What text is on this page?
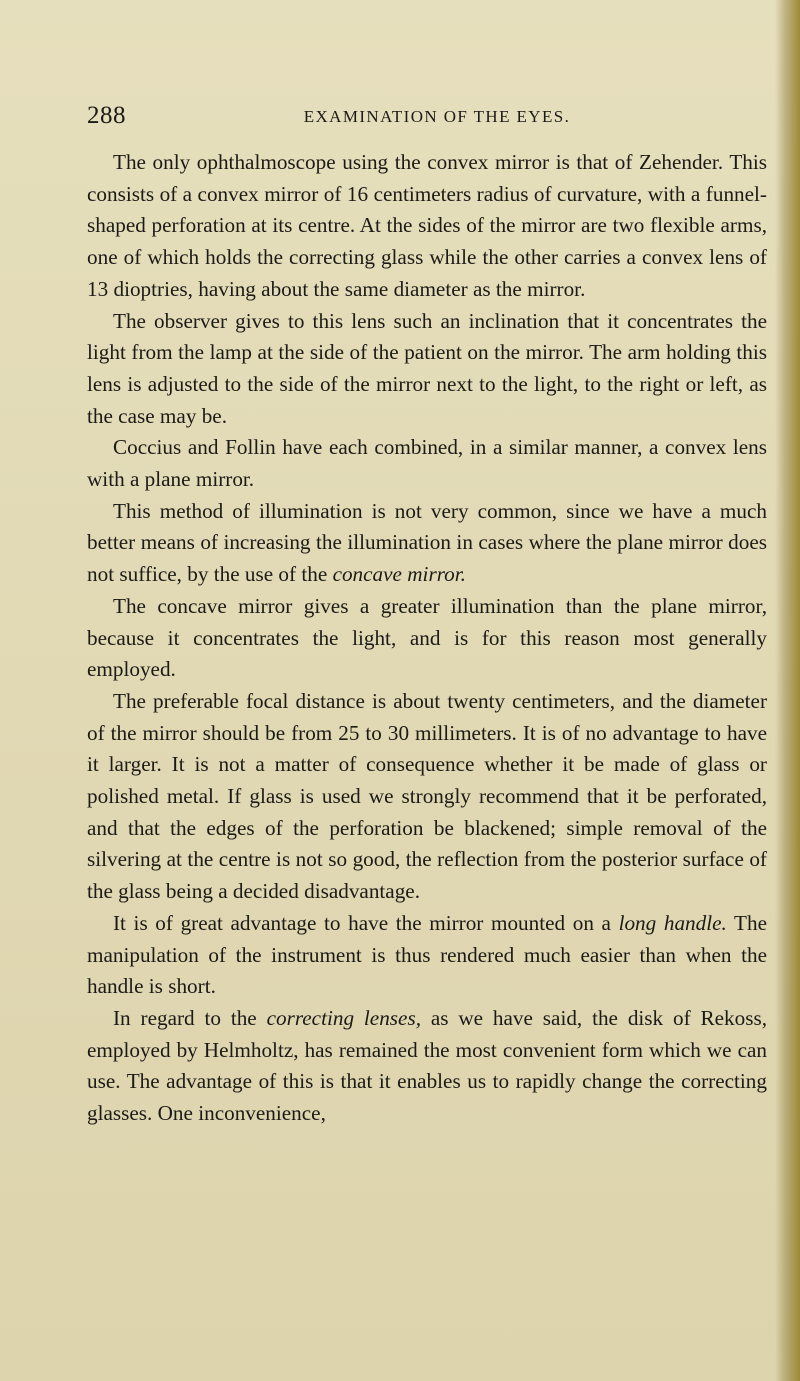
288	EXAMINATION OF THE EYES.

The only ophthalmoscope using the convex mirror is that of Zehender. This consists of a convex mirror of 16 centimeters radius of curvature, with a funnel-shaped perforation at its centre. At the sides of the mirror are two flexible arms, one of which holds the correcting glass while the other carries a convex lens of 13 dioptries, having about the same diameter as the mirror.

The observer gives to this lens such an inclination that it concentrates the light from the lamp at the side of the patient on the mirror. The arm holding this lens is adjusted to the side of the mirror next to the light, to the right or left, as the case may be.

Coccius and Follin have each combined, in a similar manner, a convex lens with a plane mirror.

This method of illumination is not very common, since we have a much better means of increasing the illumination in cases where the plane mirror does not suffice, by the use of the concave mirror.

The concave mirror gives a greater illumination than the plane mirror, because it concentrates the light, and is for this reason most generally employed.

The preferable focal distance is about twenty centimeters, and the diameter of the mirror should be from 25 to 30 millimeters. It is of no advantage to have it larger. It is not a matter of consequence whether it be made of glass or polished metal. If glass is used we strongly recommend that it be perforated, and that the edges of the perforation be blackened; simple removal of the silvering at the centre is not so good, the reflection from the posterior surface of the glass being a decided disadvantage.

It is of great advantage to have the mirror mounted on a long handle. The manipulation of the instrument is thus rendered much easier than when the handle is short.

In regard to the correcting lenses, as we have said, the disk of Rekoss, employed by Helmholtz, has remained the most convenient form which we can use. The advantage of this is that it enables us to rapidly change the correcting glasses. One inconvenience,
